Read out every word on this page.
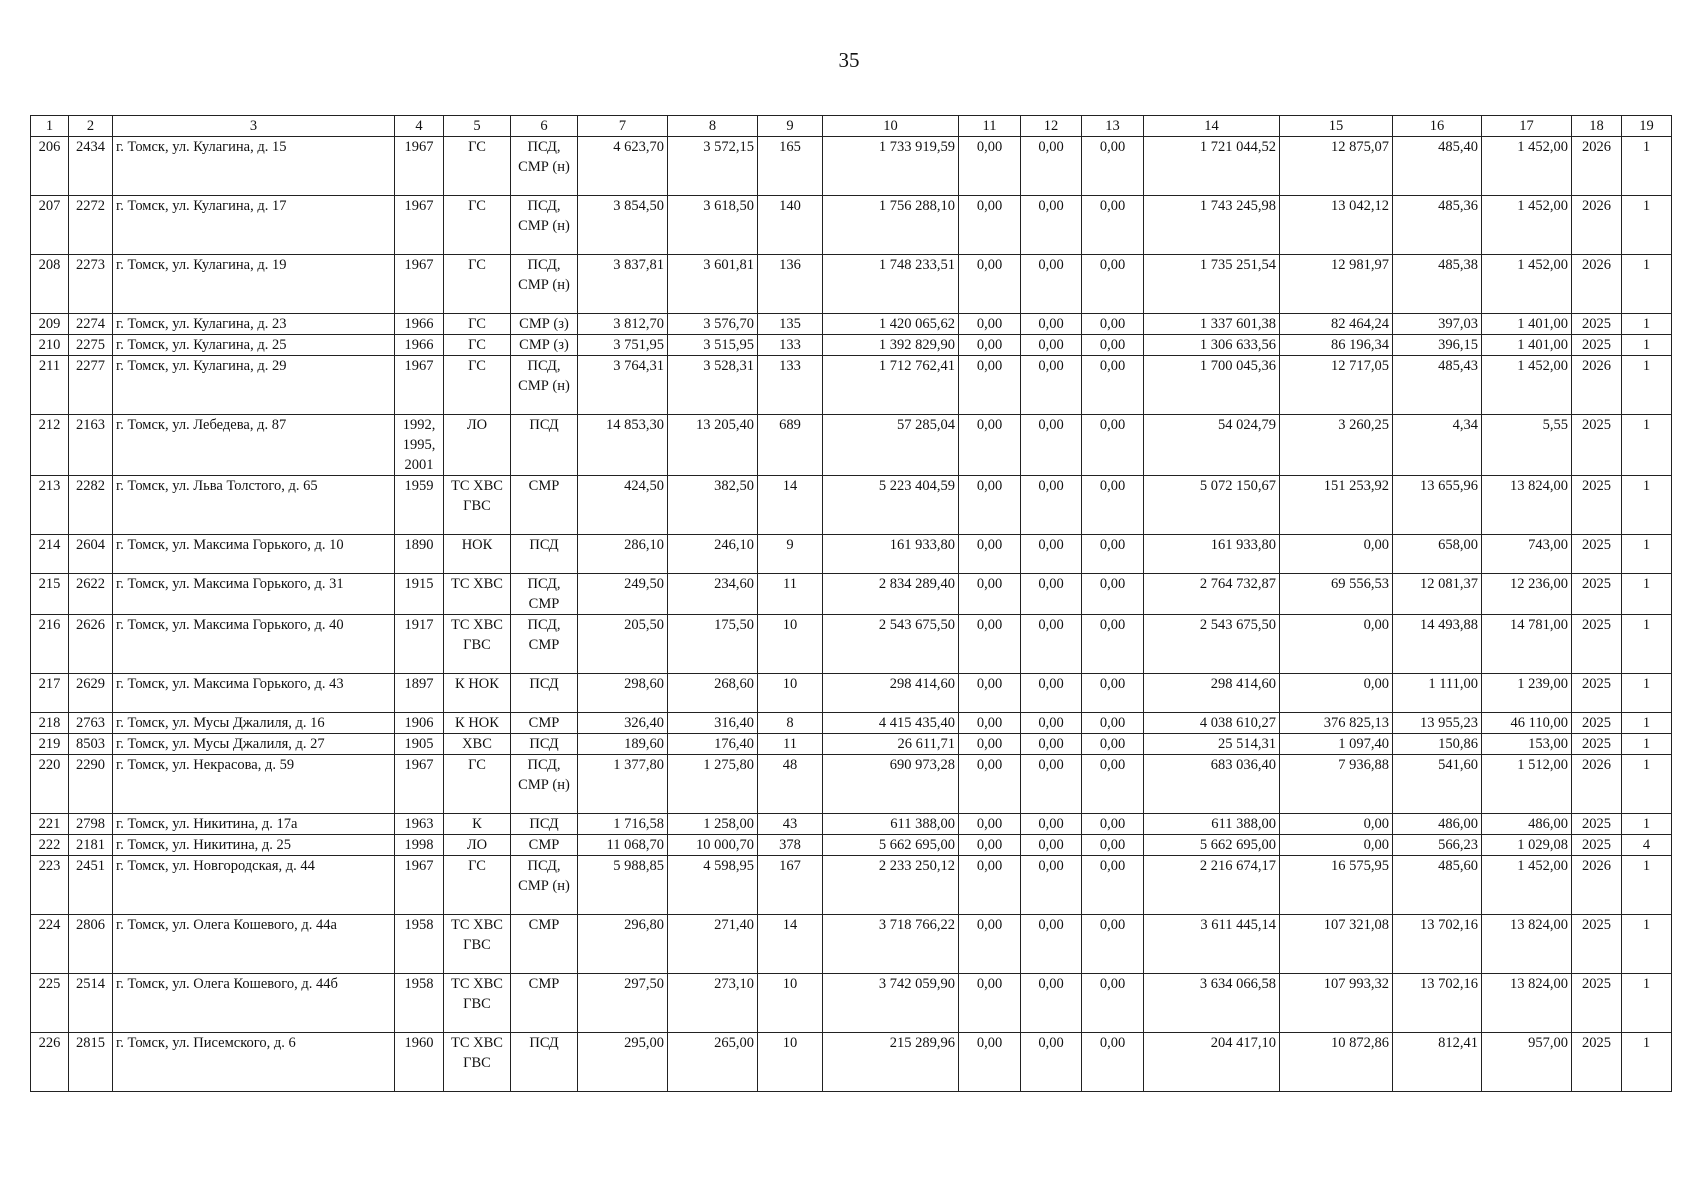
35
1	2	3	4	5	6	7	8	9	10	11	12	13	14	15	16	17	18	19
206	2434	г. Томск, ул. Кулагина, д. 15	1967	ГС	ПСД, СМР (н)	4 623,70	3 572,15	165	1 733 919,59	0,00	0,00	0,00	1 721 044,52	12 875,07	485,40	1 452,00	2026	1
207	2272	г. Томск, ул. Кулагина, д. 17	1967	ГС	ПСД, СМР (н)	3 854,50	3 618,50	140	1 756 288,10	0,00	0,00	0,00	1 743 245,98	13 042,12	485,36	1 452,00	2026	1
208	2273	г. Томск, ул. Кулагина, д. 19	1967	ГС	ПСД, СМР (н)	3 837,81	3 601,81	136	1 748 233,51	0,00	0,00	0,00	1 735 251,54	12 981,97	485,38	1 452,00	2026	1
209	2274	г. Томск, ул. Кулагина, д. 23	1966	ГС	СМР (з)	3 812,70	3 576,70	135	1 420 065,62	0,00	0,00	0,00	1 337 601,38	82 464,24	397,03	1 401,00	2025	1
210	2275	г. Томск, ул. Кулагина, д. 25	1966	ГС	СМР (з)	3 751,95	3 515,95	133	1 392 829,90	0,00	0,00	0,00	1 306 633,56	86 196,34	396,15	1 401,00	2025	1
211	2277	г. Томск, ул. Кулагина, д. 29	1967	ГС	ПСД, СМР (н)	3 764,31	3 528,31	133	1 712 762,41	0,00	0,00	0,00	1 700 045,36	12 717,05	485,43	1 452,00	2026	1
212	2163	г. Томск, ул. Лебедева, д. 87	1992, 1995, 2001	ЛО	ПСД	14 853,30	13 205,40	689	57 285,04	0,00	0,00	0,00	54 024,79	3 260,25	4,34	5,55	2025	1
213	2282	г. Томск, ул. Льва Толстого, д. 65	1959	ТС ХВС ГВС	СМР	424,50	382,50	14	5 223 404,59	0,00	0,00	0,00	5 072 150,67	151 253,92	13 655,96	13 824,00	2025	1
214	2604	г. Томск, ул. Максима Горького, д. 10	1890	НОК	ПСД	286,10	246,10	9	161 933,80	0,00	0,00	0,00	161 933,80	0,00	658,00	743,00	2025	1
215	2622	г. Томск, ул. Максима Горького, д. 31	1915	ТС ХВС	ПСД, СМР	249,50	234,60	11	2 834 289,40	0,00	0,00	0,00	2 764 732,87	69 556,53	12 081,37	12 236,00	2025	1
216	2626	г. Томск, ул. Максима Горького, д. 40	1917	ТС ХВС ГВС	ПСД, СМР	205,50	175,50	10	2 543 675,50	0,00	0,00	0,00	2 543 675,50	0,00	14 493,88	14 781,00	2025	1
217	2629	г. Томск, ул. Максима Горького, д. 43	1897	К НОК	ПСД	298,60	268,60	10	298 414,60	0,00	0,00	0,00	298 414,60	0,00	1 111,00	1 239,00	2025	1
218	2763	г. Томск, ул. Мусы Джалиля, д. 16	1906	К НОК	СМР	326,40	316,40	8	4 415 435,40	0,00	0,00	0,00	4 038 610,27	376 825,13	13 955,23	46 110,00	2025	1
219	8503	г. Томск, ул. Мусы Джалиля, д. 27	1905	ХВС	ПСД	189,60	176,40	11	26 611,71	0,00	0,00	0,00	25 514,31	1 097,40	150,86	153,00	2025	1
220	2290	г. Томск, ул. Некрасова, д. 59	1967	ГС	ПСД, СМР (н)	1 377,80	1 275,80	48	690 973,28	0,00	0,00	0,00	683 036,40	7 936,88	541,60	1 512,00	2026	1
221	2798	г. Томск, ул. Никитина, д. 17а	1963	К	ПСД	1 716,58	1 258,00	43	611 388,00	0,00	0,00	0,00	611 388,00	0,00	486,00	486,00	2025	1
222	2181	г. Томск, ул. Никитина, д. 25	1998	ЛО	СМР	11 068,70	10 000,70	378	5 662 695,00	0,00	0,00	0,00	5 662 695,00	0,00	566,23	1 029,08	2025	4
223	2451	г. Томск, ул. Новгородская, д. 44	1967	ГС	ПСД, СМР (н)	5 988,85	4 598,95	167	2 233 250,12	0,00	0,00	0,00	2 216 674,17	16 575,95	485,60	1 452,00	2026	1
224	2806	г. Томск, ул. Олега Кошевого, д. 44а	1958	ТС ХВС ГВС	СМР	296,80	271,40	14	3 718 766,22	0,00	0,00	0,00	3 611 445,14	107 321,08	13 702,16	13 824,00	2025	1
225	2514	г. Томск, ул. Олега Кошевого, д. 44б	1958	ТС ХВС ГВС	СМР	297,50	273,10	10	3 742 059,90	0,00	0,00	0,00	3 634 066,58	107 993,32	13 702,16	13 824,00	2025	1
226	2815	г. Томск, ул. Писемского, д. 6	1960	ТС ХВС ГВС	ПСД	295,00	265,00	10	215 289,96	0,00	0,00	0,00	204 417,10	10 872,86	812,41	957,00	2025	1
